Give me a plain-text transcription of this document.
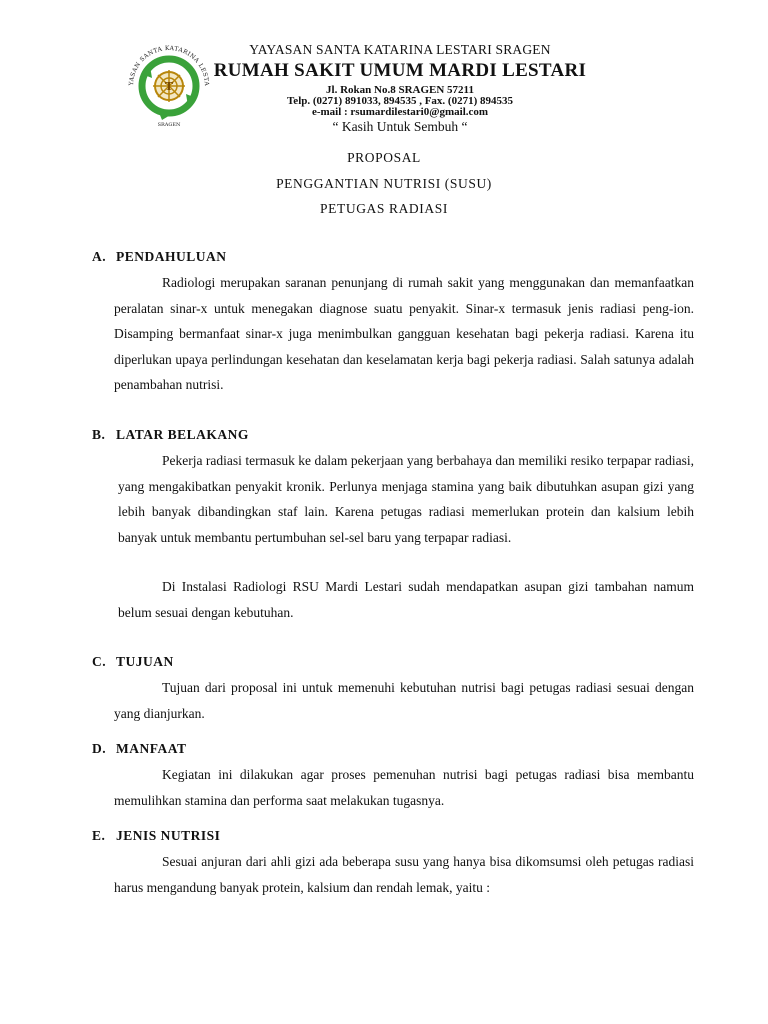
T
YASAN SANTA KATARINA LESTA
SRAGEN

YAYASAN SANTA KATARINA LESTARI SRAGEN

RUMAH SAKIT UMUM MARDI LESTARI

Jl. Rokan No.8 SRAGEN 57211

Telp. (0271) 891033, 894535 , Fax. (0271) 894535

e-mail : rsumardilestari0@gmail.com

“ Kasih Untuk Sembuh “

PROPOSAL

PENGGANTIAN NUTRISI (SUSU)

PETUGAS RADIASI

A. PENDAHULUAN

Radiologi merupakan saranan penunjang di rumah sakit yang menggunakan dan memanfaatkan peralatan sinar-x untuk menegakan diagnose suatu penyakit. Sinar-x termasuk jenis radiasi peng-ion. Disamping bermanfaat sinar-x juga menimbulkan gangguan kesehatan bagi pekerja radiasi. Karena itu diperlukan upaya perlindungan kesehatan dan keselamatan kerja bagi pekerja radiasi. Salah satunya adalah penambahan nutrisi.

B. LATAR BELAKANG

Pekerja radiasi termasuk ke dalam pekerjaan yang berbahaya dan memiliki resiko terpapar radiasi, yang mengakibatkan penyakit kronik. Perlunya menjaga stamina yang baik dibutuhkan asupan gizi yang lebih banyak dibandingkan staf lain. Karena petugas radiasi memerlukan protein dan kalsium lebih banyak untuk membantu pertumbuhan sel-sel baru yang terpapar radiasi.

Di Instalasi Radiologi RSU Mardi Lestari sudah mendapatkan asupan gizi tambahan namum belum sesuai dengan kebutuhan.

C. TUJUAN

Tujuan dari proposal ini untuk memenuhi kebutuhan nutrisi bagi petugas radiasi sesuai dengan yang dianjurkan.

D. MANFAAT

Kegiatan ini dilakukan agar proses pemenuhan nutrisi bagi petugas radiasi bisa membantu memulihkan stamina dan performa saat melakukan tugasnya.

E. JENIS NUTRISI

Sesuai anjuran dari ahli gizi ada beberapa susu yang hanya bisa dikomsumsi oleh petugas radiasi harus mengandung banyak protein, kalsium dan rendah lemak, yaitu :
